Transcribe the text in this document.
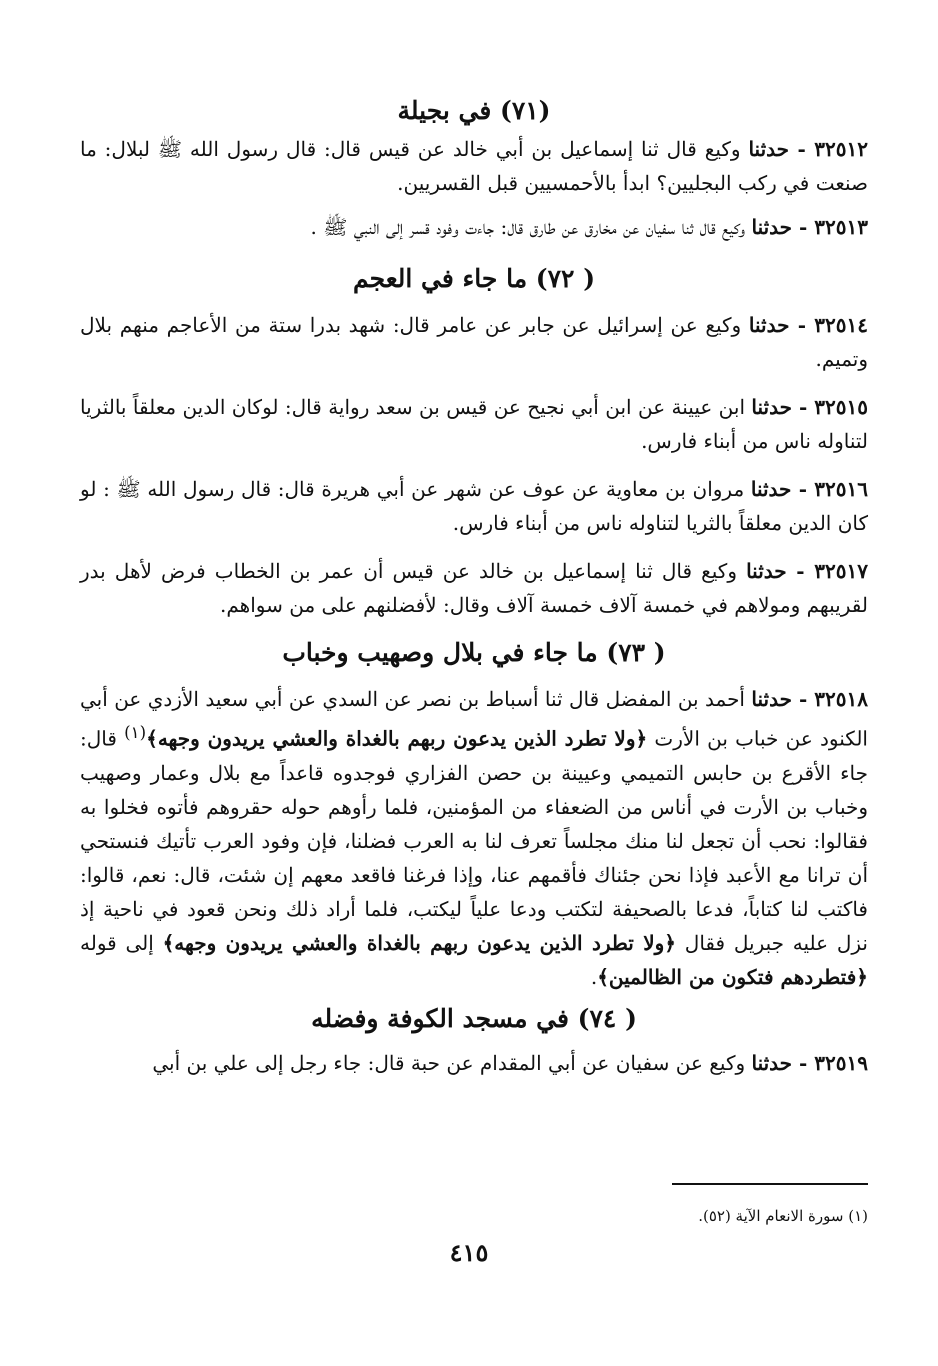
(٧١) في بجيلة

٣٢٥١٢ - حدثنا وكيع قال ثنا إسماعيل بن أبي خالد عن قيس قال: قال رسول الله ﷺ لبلال: ما صنعت في ركب البجليين؟ ابدأ بالأحمسيين قبل القسريين.

٣٢٥١٣ - حدثنا وكيع قال ثنا سفيان عن مخارق عن طارق قال: جاءت وفود قسر إلى النبي ﷺ .

( ٧٢) ما جاء في العجم

٣٢٥١٤ - حدثنا وكيع عن إسرائيل عن جابر عن عامر قال: شهد بدرا ستة من الأعاجم منهم بلال وتميم.

٣٢٥١٥ - حدثنا ابن عيينة عن ابن أبي نجيح عن قيس بن سعد رواية قال: لوكان الدين معلقاً بالثريا لتناوله ناس من أبناء فارس.

٣٢٥١٦ - حدثنا مروان بن معاوية عن عوف عن شهر عن أبي هريرة قال: قال رسول الله ﷺ : لو كان الدين معلقاً بالثريا لتناوله ناس من أبناء فارس.

٣٢٥١٧ - حدثنا وكيع قال ثنا إسماعيل بن خالد عن قيس أن عمر بن الخطاب فرض لأهل بدر لقريبهم ومولاهم في خمسة آلاف خمسة آلاف وقال: لأفضلنهم على من سواهم.

( ٧٣) ما جاء في بلال وصهيب وخباب

٣٢٥١٨ - حدثنا أحمد بن المفضل قال ثنا أسباط بن نصر عن السدي عن أبي سعيد الأزدي عن أبي الكنود عن خباب بن الأرت ﴿ولا تطرد الذين يدعون ربهم بالغداة والعشي يريدون وجهه﴾$^{(١)}$ قال: جاء الأقرع بن حابس التميمي وعيينة بن حصن الفزاري فوجدوه قاعداً مع بلال وعمار وصهيب وخباب بن الأرت في أناس من الضعفاء من المؤمنين، فلما رأوهم حوله حقروهم فأتوه فخلوا به فقالوا: نحب أن تجعل لنا منك مجلساً تعرف لنا به العرب فضلنا، فإن وفود العرب تأتيك فنستحي أن ترانا مع الأعبد فإذا نحن جئناك فأقمهم عنا، وإذا فرغنا فاقعد معهم إن شئت، قال: نعم، قالوا: فاكتب لنا كتاباً، فدعا بالصحيفة لتكتب ودعا علياً ليكتب، فلما أراد ذلك ونحن قعود في ناحية إذ نزل عليه جبريل فقال ﴿ولا تطرد الذين يدعون ربهم بالغداة والعشي يريدون وجهه﴾ إلى قوله ﴿فتطردهم فتكون من الظالمين﴾.

( ٧٤) في مسجد الكوفة وفضله

٣٢٥١٩ - حدثنا وكيع عن سفيان عن أبي المقدام عن حبة قال: جاء رجل إلى علي بن أبي

(١) سورة الانعام الآية (٥٢).
٤١٥
